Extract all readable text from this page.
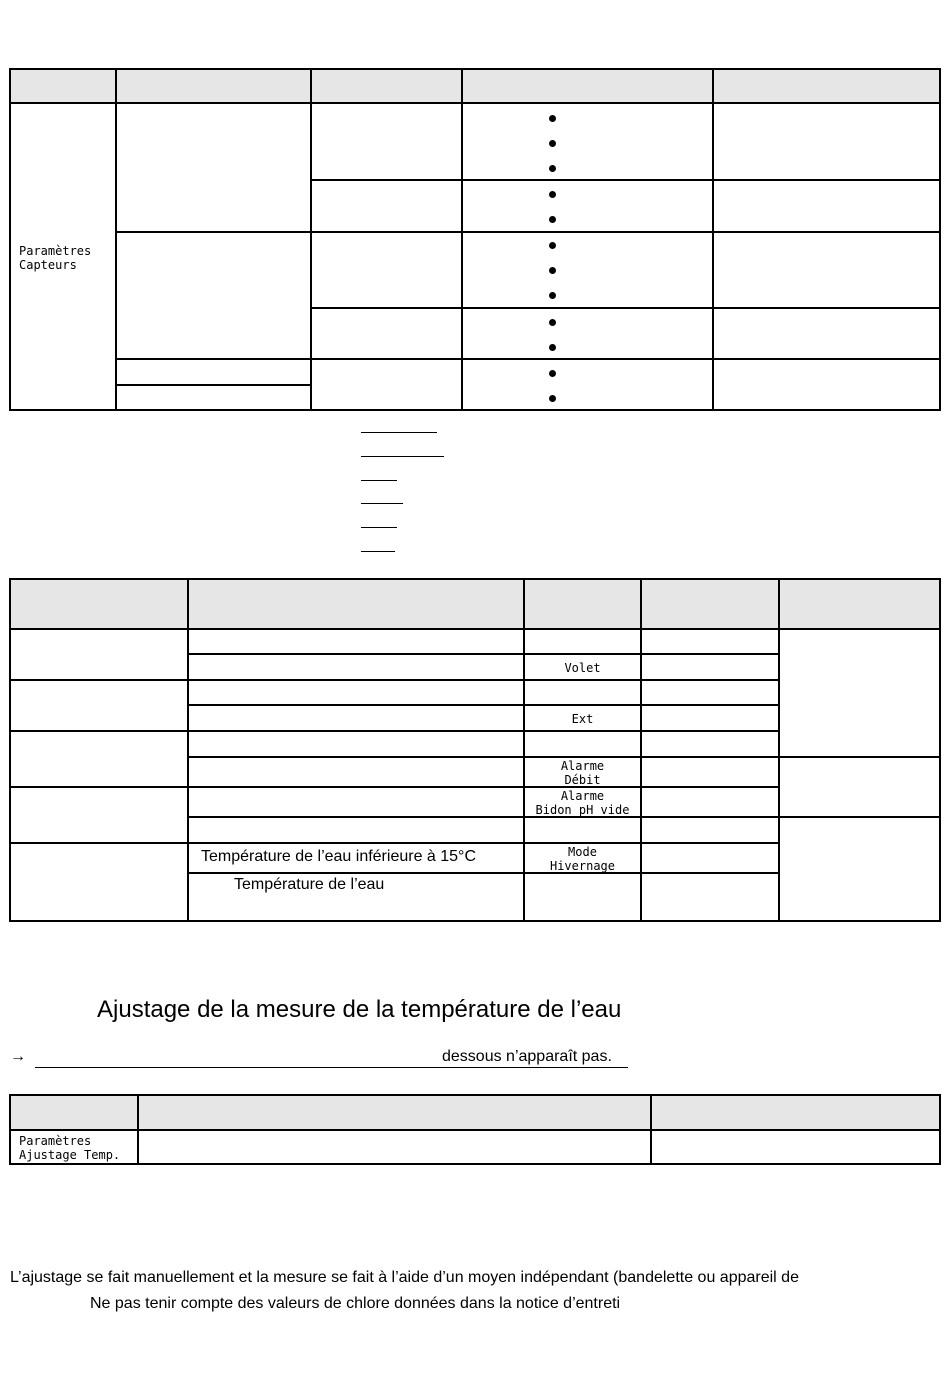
Paramètres
Capteurs
Volet
Ext
Alarme
Débit
Alarme
Bidon pH vide
Mode
Hivernage
Température de l’eau inférieure à 15°C
Température de l’eau
Ajustage de la mesure de la température de l’eau
→	dessous n’apparaît pas.
Paramètres
Ajustage Temp.
L’ajustage se fait manuellement et la mesure se fait à l’aide d’un moyen indépendant (bandelette ou appareil de
Ne pas tenir compte des valeurs de chlore données dans la notice d’entreti
